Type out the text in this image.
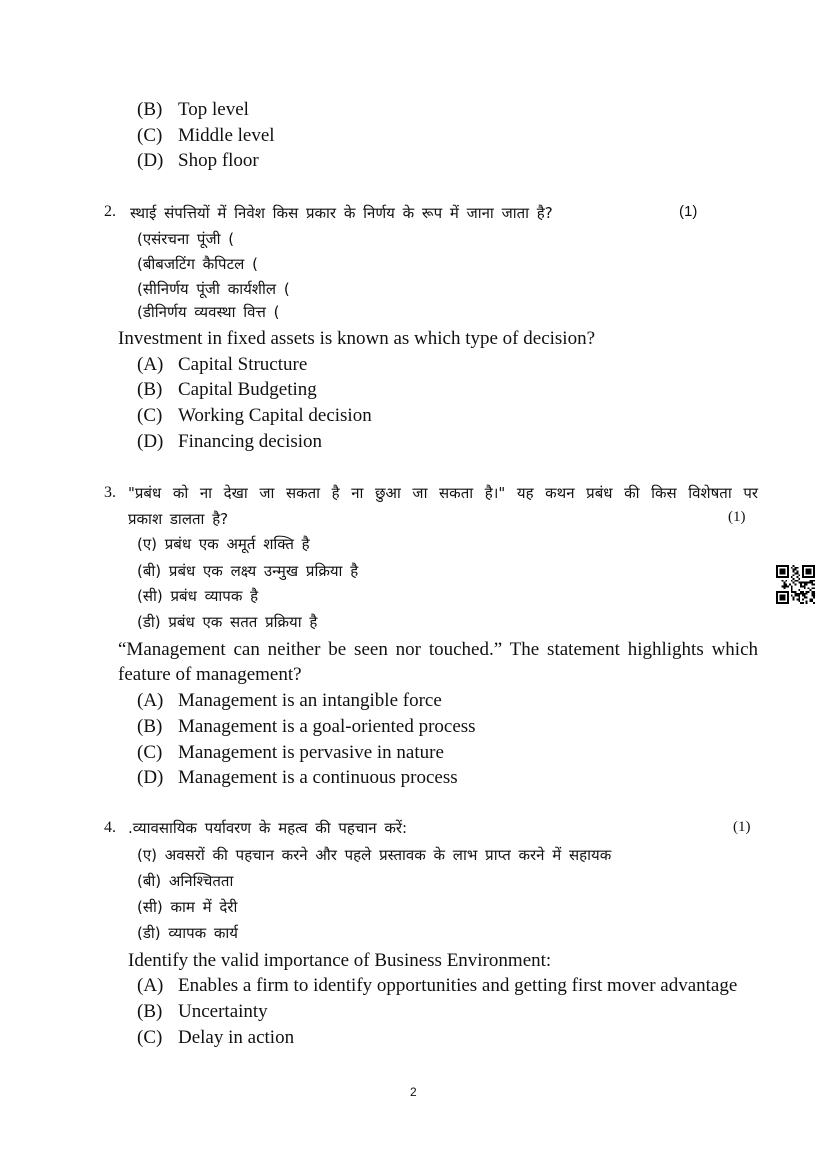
(B) Top level
(C) Middle level
(D) Shop floor
2. स्थाई संपत्तियों में निवेश किस प्रकार के निर्णय के रूप में जाना जाता है?	(1)
(एसंरचना पूंजी (
(बीबजटिंग कैपिटल (
(सीनिर्णय पूंजी कार्यशील (
(डीनिर्णय व्यवस्था वित्त (
Investment in fixed assets is known as which type of decision?
(A) Capital Structure
(B) Capital Budgeting
(C) Working Capital decision
(D) Financing decision
3. "प्रबंध को ना देखा जा सकता है ना छुआ जा सकता है।" यह कथन प्रबंध की किस विशेषता पर
प्रकाश डालता है?	(1)
(ए) प्रबंध एक अमूर्त शक्ति है
(बी) प्रबंध एक लक्ष्य उन्मुख प्रक्रिया है
(सी) प्रबंध व्यापक है
(डी) प्रबंध एक सतत प्रक्रिया है
“Management can neither be seen nor touched.” The statement highlights which
feature of management?
(A) Management is an intangible force
(B) Management is a goal-oriented process
(C) Management is pervasive in nature
(D) Management is a continuous process
4. .व्यावसायिक पर्यावरण के महत्व की पहचान करें:	(1)
(ए) अवसरों की पहचान करने और पहले प्रस्तावक के लाभ प्राप्त करने में सहायक
(बी) अनिश्चितता
(सी) काम में देरी
(डी) व्यापक कार्य
Identify the valid importance of Business Environment:
(A) Enables a firm to identify opportunities and getting first mover advantage
(B) Uncertainty
(C) Delay in action
2
